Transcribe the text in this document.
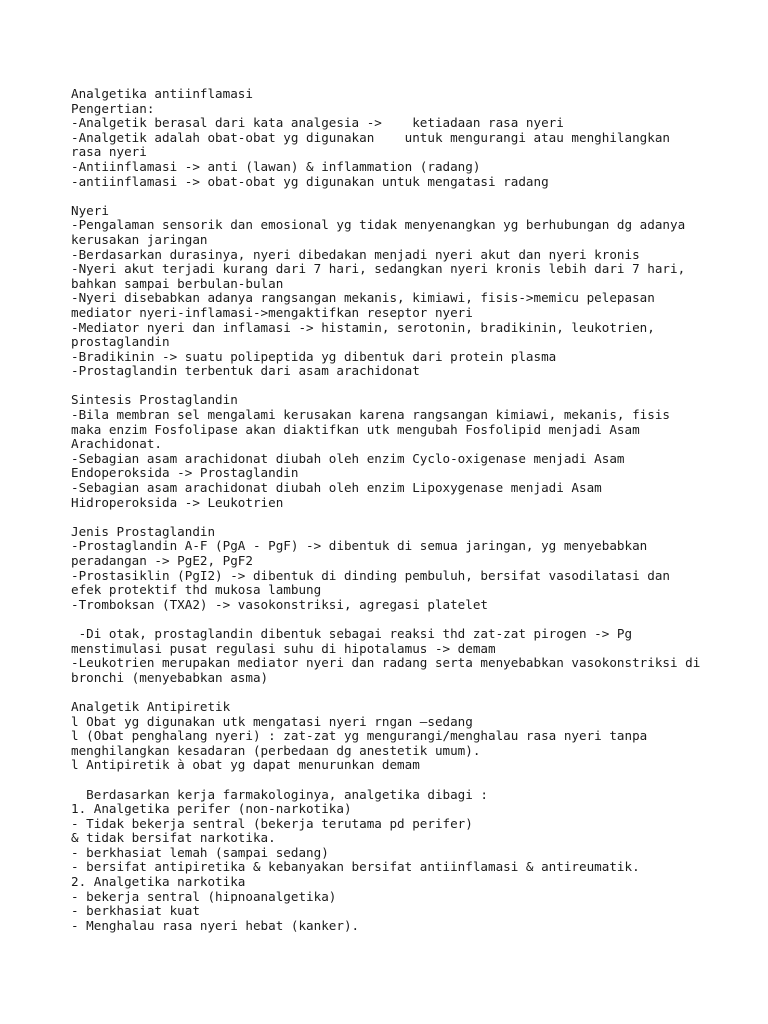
Analgetika antiinflamasi
Pengertian:
-Analgetik berasal dari kata analgesia ->    ketiadaan rasa nyeri
-Analgetik adalah obat-obat yg digunakan    untuk mengurangi atau menghilangkan
rasa nyeri
-Antiinflamasi -> anti (lawan) & inflammation (radang)
-antiinflamasi -> obat-obat yg digunakan untuk mengatasi radang
Nyeri
-Pengalaman sensorik dan emosional yg tidak menyenangkan yg berhubungan dg adanya
kerusakan jaringan
-Berdasarkan durasinya, nyeri dibedakan menjadi nyeri akut dan nyeri kronis
-Nyeri akut terjadi kurang dari 7 hari, sedangkan nyeri kronis lebih dari 7 hari,
bahkan sampai berbulan-bulan
-Nyeri disebabkan adanya rangsangan mekanis, kimiawi, fisis->memicu pelepasan
mediator nyeri-inflamasi->mengaktifkan reseptor nyeri
-Mediator nyeri dan inflamasi -> histamin, serotonin, bradikinin, leukotrien,
prostaglandin
-Bradikinin -> suatu polipeptida yg dibentuk dari protein plasma
-Prostaglandin terbentuk dari asam arachidonat
Sintesis Prostaglandin
-Bila membran sel mengalami kerusakan karena rangsangan kimiawi, mekanis, fisis
maka enzim Fosfolipase akan diaktifkan utk mengubah Fosfolipid menjadi Asam
Arachidonat.
-Sebagian asam arachidonat diubah oleh enzim Cyclo-oxigenase menjadi Asam
Endoperoksida -> Prostaglandin
-Sebagian asam arachidonat diubah oleh enzim Lipoxygenase menjadi Asam
Hidroperoksida -> Leukotrien
Jenis Prostaglandin
-Prostaglandin A-F (PgA - PgF) -> dibentuk di semua jaringan, yg menyebabkan
peradangan -> PgE2, PgF2
-Prostasiklin (PgI2) -> dibentuk di dinding pembuluh, bersifat vasodilatasi dan
efek protektif thd mukosa lambung
-Tromboksan (TXA2) -> vasokonstriksi, agregasi platelet
-Di otak, prostaglandin dibentuk sebagai reaksi thd zat-zat pirogen -> Pg
menstimulasi pusat regulasi suhu di hipotalamus -> demam
-Leukotrien merupakan mediator nyeri dan radang serta menyebabkan vasokonstriksi di
bronchi (menyebabkan asma)
Analgetik Antipiretik
l Obat yg digunakan utk mengatasi nyeri rngan –sedang
l (Obat penghalang nyeri) : zat-zat yg mengurangi/menghalau rasa nyeri tanpa
menghilangkan kesadaran (perbedaan dg anestetik umum).
l Antipiretik à obat yg dapat menurunkan demam
Berdasarkan kerja farmakologinya, analgetika dibagi :
1. Analgetika perifer (non-narkotika)
- Tidak bekerja sentral (bekerja terutama pd perifer)
& tidak bersifat narkotika.
- berkhasiat lemah (sampai sedang)
- bersifat antipiretika & kebanyakan bersifat antiinflamasi & antireumatik.
2. Analgetika narkotika
- bekerja sentral (hipnoanalgetika)
- berkhasiat kuat
- Menghalau rasa nyeri hebat (kanker).
